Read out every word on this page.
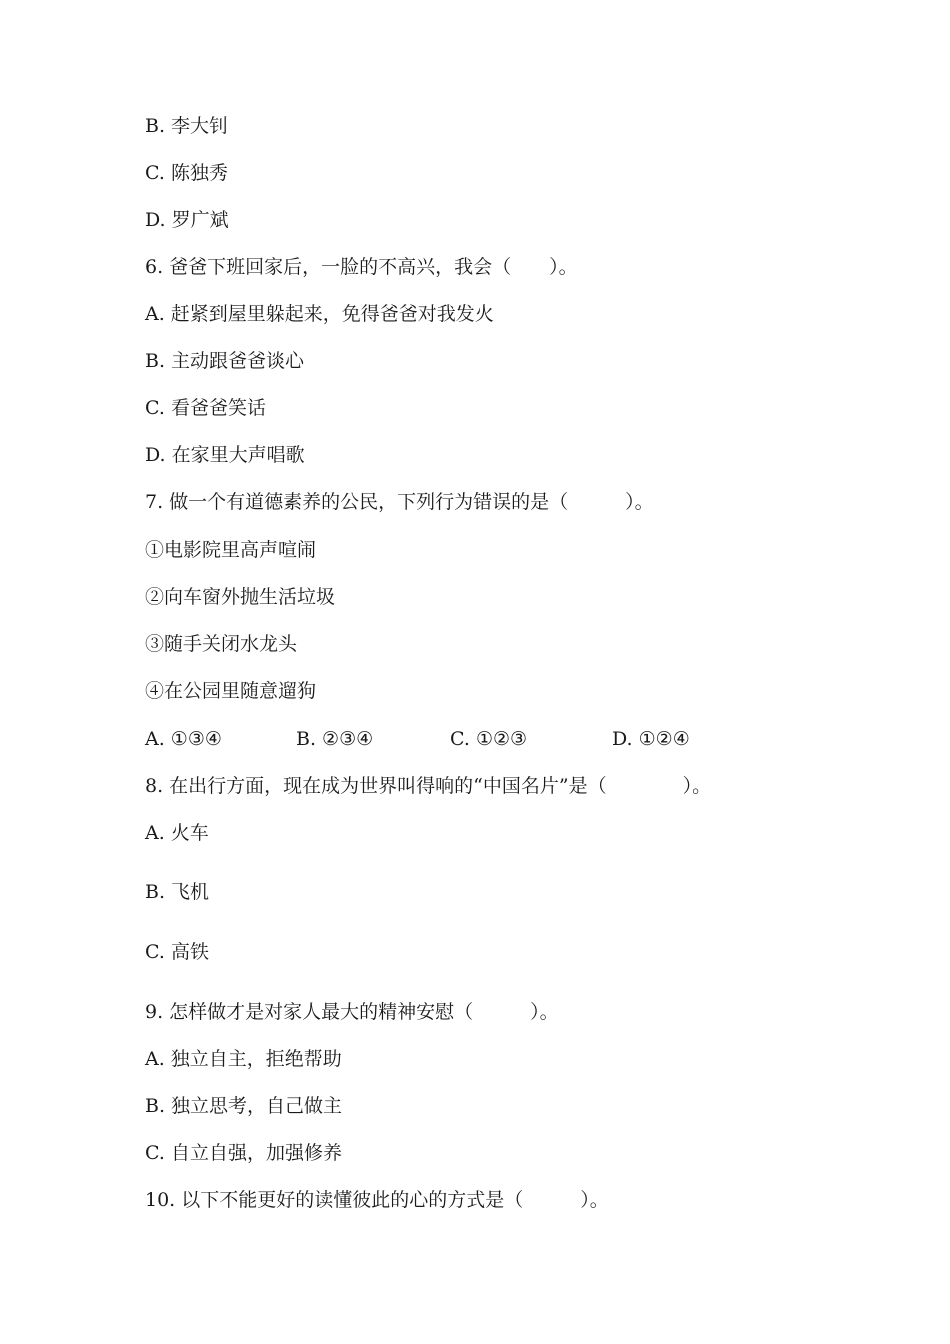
B. 李大钊
C. 陈独秀
D. 罗广斌
6. 爸爸下班回家后，一脸的不高兴，我会（　　）。
A. 赶紧到屋里躲起来，免得爸爸对我发火
B. 主动跟爸爸谈心
C. 看爸爸笑话
D. 在家里大声唱歌
7. 做一个有道德素养的公民，下列行为错误的是（　　　）。
①电影院里高声喧闹
②向车窗外抛生活垃圾
③随手关闭水龙头
④在公园里随意遛狗
A. ①③④	B. ②③④	C. ①②③	D. ①②④
8. 在出行方面，现在成为世界叫得响的“中国名片”是（　　　　）。
A. 火车
B. 飞机
C. 高铁
9. 怎样做才是对家人最大的精神安慰（　　　）。
A. 独立自主，拒绝帮助
B. 独立思考，自己做主
C. 自立自强，加强修养
10. 以下不能更好的读懂彼此的心的方式是（　　　）。
